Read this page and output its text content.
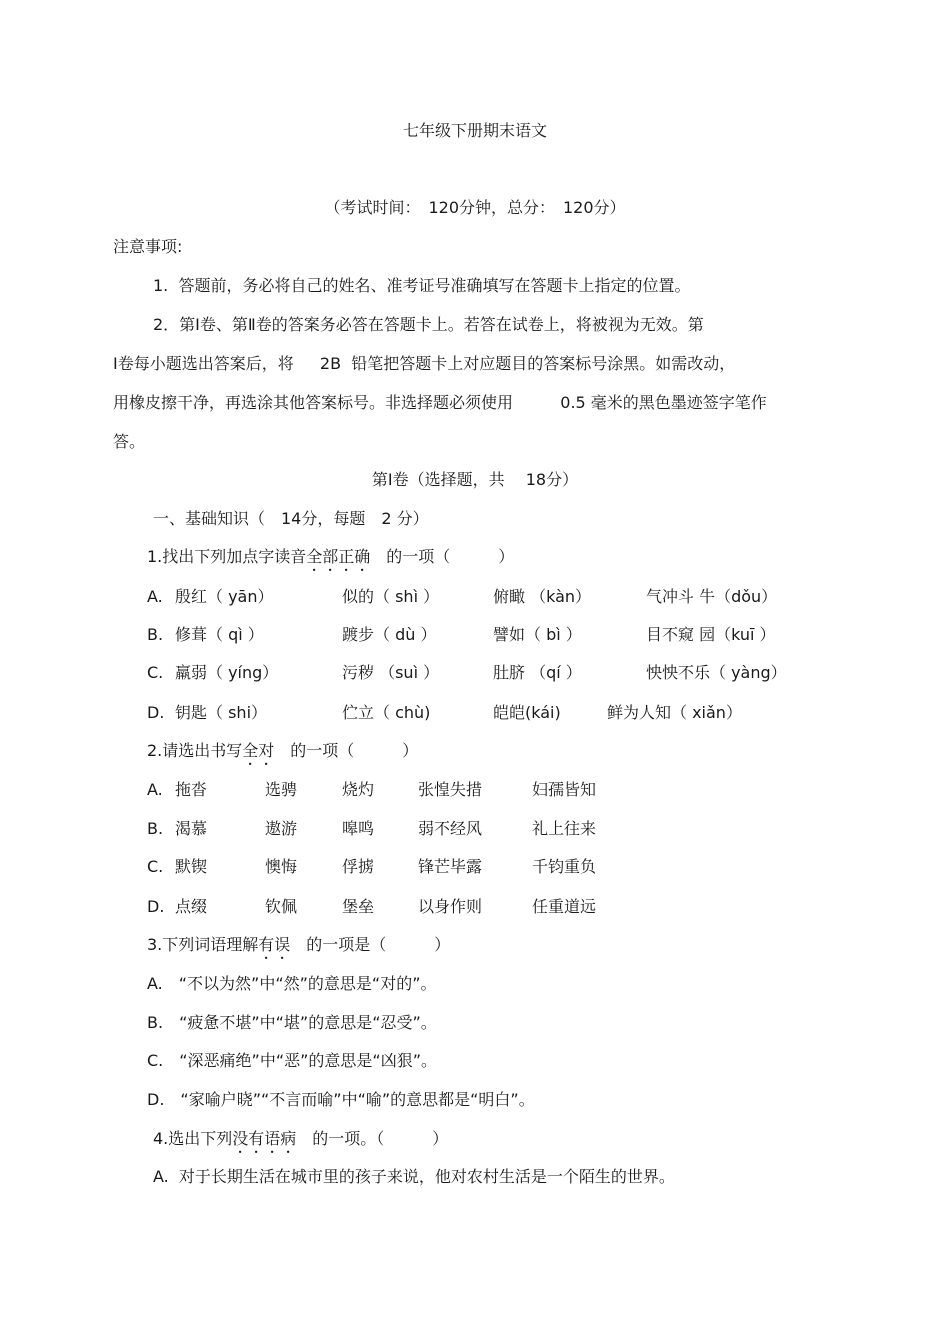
七年级下册期末语文
（考试时间：　120分钟，总分：　120分）
注意事项:
1.  答题前，务必将自己的姓名、准考证号准确填写在答题卡上指定的位置。
2．第Ⅰ卷、第Ⅱ卷的答案务必答在答题卡上。若答在试卷上，将被视为无效。第
Ⅰ卷每小题选出答案后，将　  2B  铅笔把答题卡上对应题目的答案标号涂黑。如需改动，
用橡皮擦干净，再选涂其他答案标号。非选择题必须使用　　   0.5 毫米的黑色墨迹签字笔作
答。
第Ⅰ卷（选择题，共　 18分）
一、基础知识（　14分，每题　2 分）
1.找出下列加点字读音全部正确　的一项（　　　）
A. 殷红（ yān）	似的（ shì ）	俯瞰 （kàn）	气冲斗 牛（dǒu）
B. 修葺（ qì ）	踱步（ dù ）	譬如（ bì ）	目不窥 园（kuī ）
C. 羸弱（ yíng）	污秽 （suì ）	肚脐 （qí ）	怏怏不乐（ yàng）
D. 钥匙（ shi）	伫立（ chù)	皑皑(kái)	鲜为人知（ xiǎn）
2.请选出书写全对　的一项（　　　）
A. 拖沓	选骋	烧灼	张惶失措	妇孺皆知
B. 渴慕	遨游	嗥鸣	弱不经风	礼上往来
C. 默锲	懊悔	俘掳	锋芒毕露	千钧重负
D. 点缀	钦佩	堡垒	以身作则	任重道远
3.下列词语理解有误　的一项是（　　　）
A.　“不以为然”中“然”的意思是“对的”。
B.　“疲惫不堪”中“堪”的意思是“忍受”。
C.　“深恶痛绝”中“恶”的意思是“凶狠”。
D.　“家喻户晓”“不言而喻”中“喻”的意思都是“明白”。
4.选出下列没有语病　的一项。（　　　）
A.  对于长期生活在城市里的孩子来说，他对农村生活是一个陌生的世界。
